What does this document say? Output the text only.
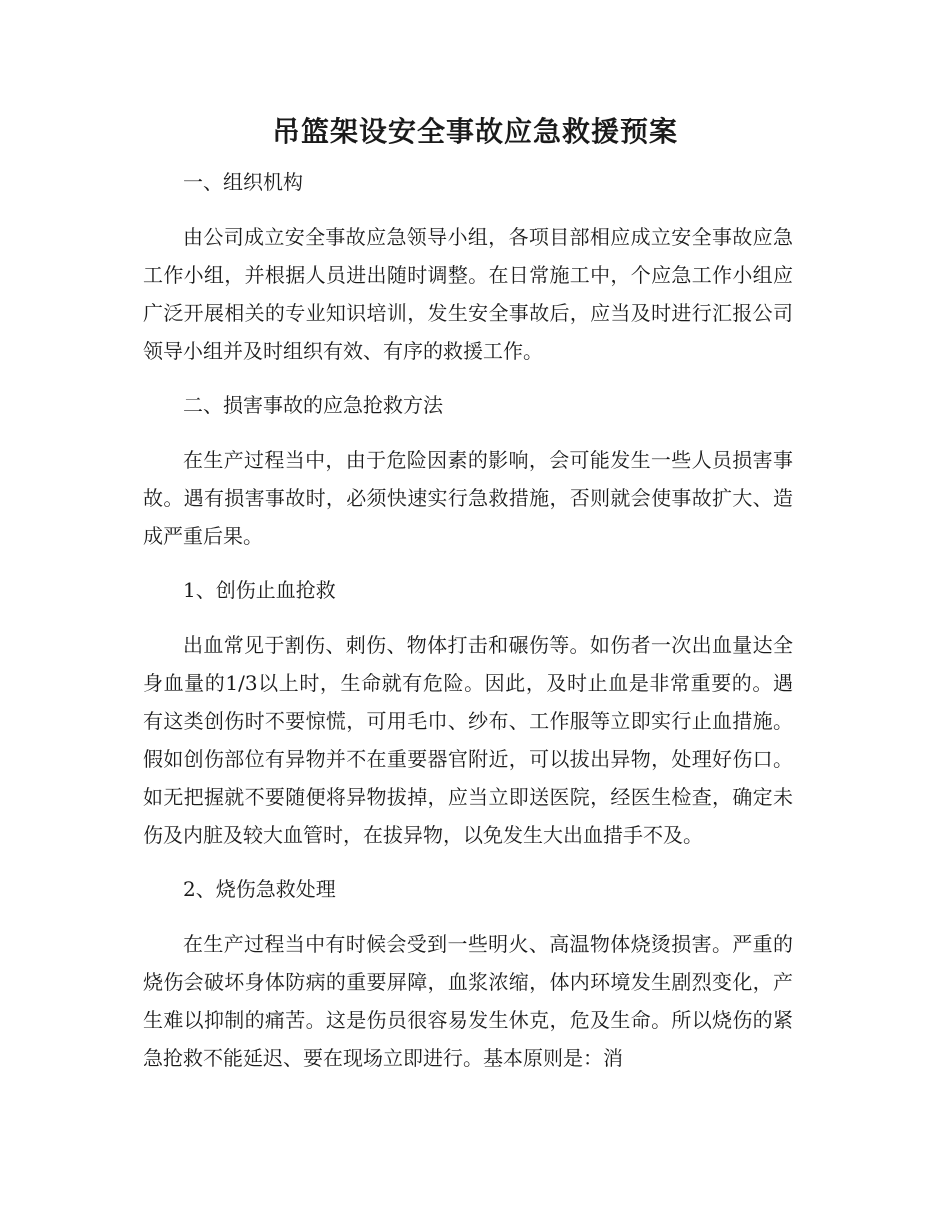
吊篮架设安全事故应急救援预案

一、组织机构

由公司成立安全事故应急领导小组，各项目部相应成立安全事故应急工作小组，并根据人员进出随时调整。在日常施工中，个应急工作小组应广泛开展相关的专业知识培训，发生安全事故后，应当及时进行汇报公司领导小组并及时组织有效、有序的救援工作。

二、损害事故的应急抢救方法

在生产过程当中，由于危险因素的影响，会可能发生一些人员损害事故。遇有损害事故时，必须快速实行急救措施，否则就会使事故扩大、造成严重后果。

1、创伤止血抢救

出血常见于割伤、刺伤、物体打击和碾伤等。如伤者一次出血量达全身血量的1/3以上时，生命就有危险。因此，及时止血是非常重要的。遇有这类创伤时不要惊慌，可用毛巾、纱布、工作服等立即实行止血措施。假如创伤部位有异物并不在重要器官附近，可以拔出异物，处理好伤口。如无把握就不要随便将异物拔掉，应当立即送医院，经医生检查，确定未伤及内脏及较大血管时，在拔异物，以免发生大出血措手不及。

2、烧伤急救处理

在生产过程当中有时候会受到一些明火、高温物体烧烫损害。严重的烧伤会破坏身体防病的重要屏障，血浆浓缩，体内环境发生剧烈变化，产生难以抑制的痛苦。这是伤员很容易发生休克，危及生命。所以烧伤的紧急抢救不能延迟、要在现场立即进行。基本原则是：消
